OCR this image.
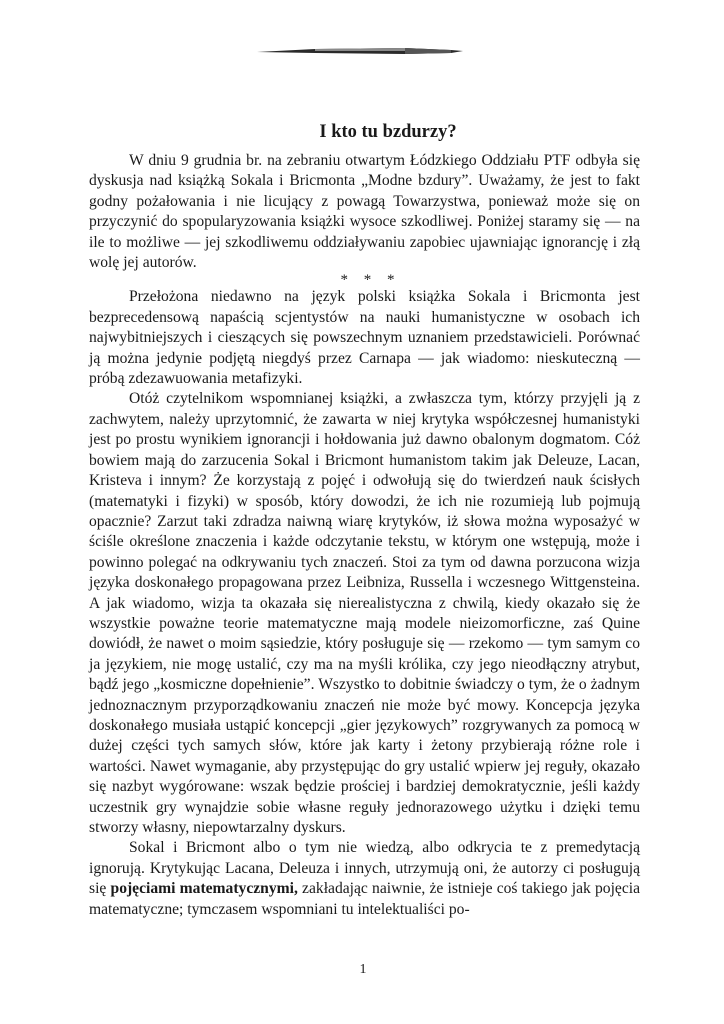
I kto tu bzdurzy?

W dniu 9 grudnia br. na zebraniu otwartym Łódzkiego Oddziału PTF odbyła się dyskusja nad książką Sokala i Bricmonta „Modne bzdury”. Uważamy, że jest to fakt godny pożałowania i nie licujący z powagą Towarzystwa, ponieważ może się on przyczynić do spopularyzowania książki wysoce szkodliwej. Poniżej staramy się — na ile to możliwe — jej szkodliwemu oddziaływaniu zapobiec ujawniając ignorancję i złą wolę jej autorów.

* * *

Przełożona niedawno na język polski książka Sokala i Bricmonta jest bezprecedensową napaścią scjentystów na nauki humanistyczne w osobach ich najwybitniejszych i cieszących się powszechnym uznaniem przedstawicieli. Porównać ją można jedynie podjętą niegdyś przez Carnapa — jak wiadomo: nieskuteczną — próbą zdezawuowania metafizyki.

Otóż czytelnikom wspomnianej książki, a zwłaszcza tym, którzy przyjęli ją z zachwytem, należy uprzytomnić, że zawarta w niej krytyka współczesnej humanistyki jest po prostu wynikiem ignorancji i hołdowania już dawno obalonym dogmatom. Cóż bowiem mają do zarzucenia Sokal i Bricmont humanistom takim jak Deleuze, Lacan, Kristeva i innym? Że korzystają z pojęć i odwołują się do twierdzeń nauk ścisłych (matematyki i fizyki) w sposób, który dowodzi, że ich nie rozumieją lub pojmują opacznie? Zarzut taki zdradza naiwną wiarę krytyków, iż słowa można wyposażyć w ściśle określone znaczenia i każde odczytanie tekstu, w którym one wstępują, może i powinno polegać na odkrywaniu tych znaczeń. Stoi za tym od dawna porzucona wizja języka doskonałego propagowana przez Leibniza, Russella i wczesnego Wittgensteina. A jak wiadomo, wizja ta okazała się nierealistyczna z chwilą, kiedy okazało się że wszystkie poważne teorie matematyczne mają modele nieizomorficzne, zaś Quine dowiódł, że nawet o moim sąsiedzie, który posługuje się — rzekomo — tym samym co ja językiem, nie mogę ustalić, czy ma na myśli królika, czy jego nieodłączny atrybut, bądź jego „kosmiczne dopełnienie”. Wszystko to dobitnie świadczy o tym, że o żadnym jednoznacznym przyporządkowaniu znaczeń nie może być mowy. Koncepcja języka doskonałego musiała ustąpić koncepcji „gier językowych” rozgrywanych za pomocą w dużej części tych samych słów, które jak karty i żetony przybierają różne role i wartości. Nawet wymaganie, aby przystępując do gry ustalić wpierw jej reguły, okazało się nazbyt wygórowane: wszak będzie prościej i bardziej demokratycznie, jeśli każdy uczestnik gry wynajdzie sobie własne reguły jednorazowego użytku i dzięki temu stworzy własny, niepowtarzalny dyskurs.

Sokal i Bricmont albo o tym nie wiedzą, albo odkrycia te z premedytacją ignorują. Krytykując Lacana, Deleuza i innych, utrzymują oni, że autorzy ci posługują się pojęciami matematycznymi, zakładając naiwnie, że istnieje coś takiego jak pojęcia matematyczne; tymczasem wspomniani tu intelektualiści po-

1
